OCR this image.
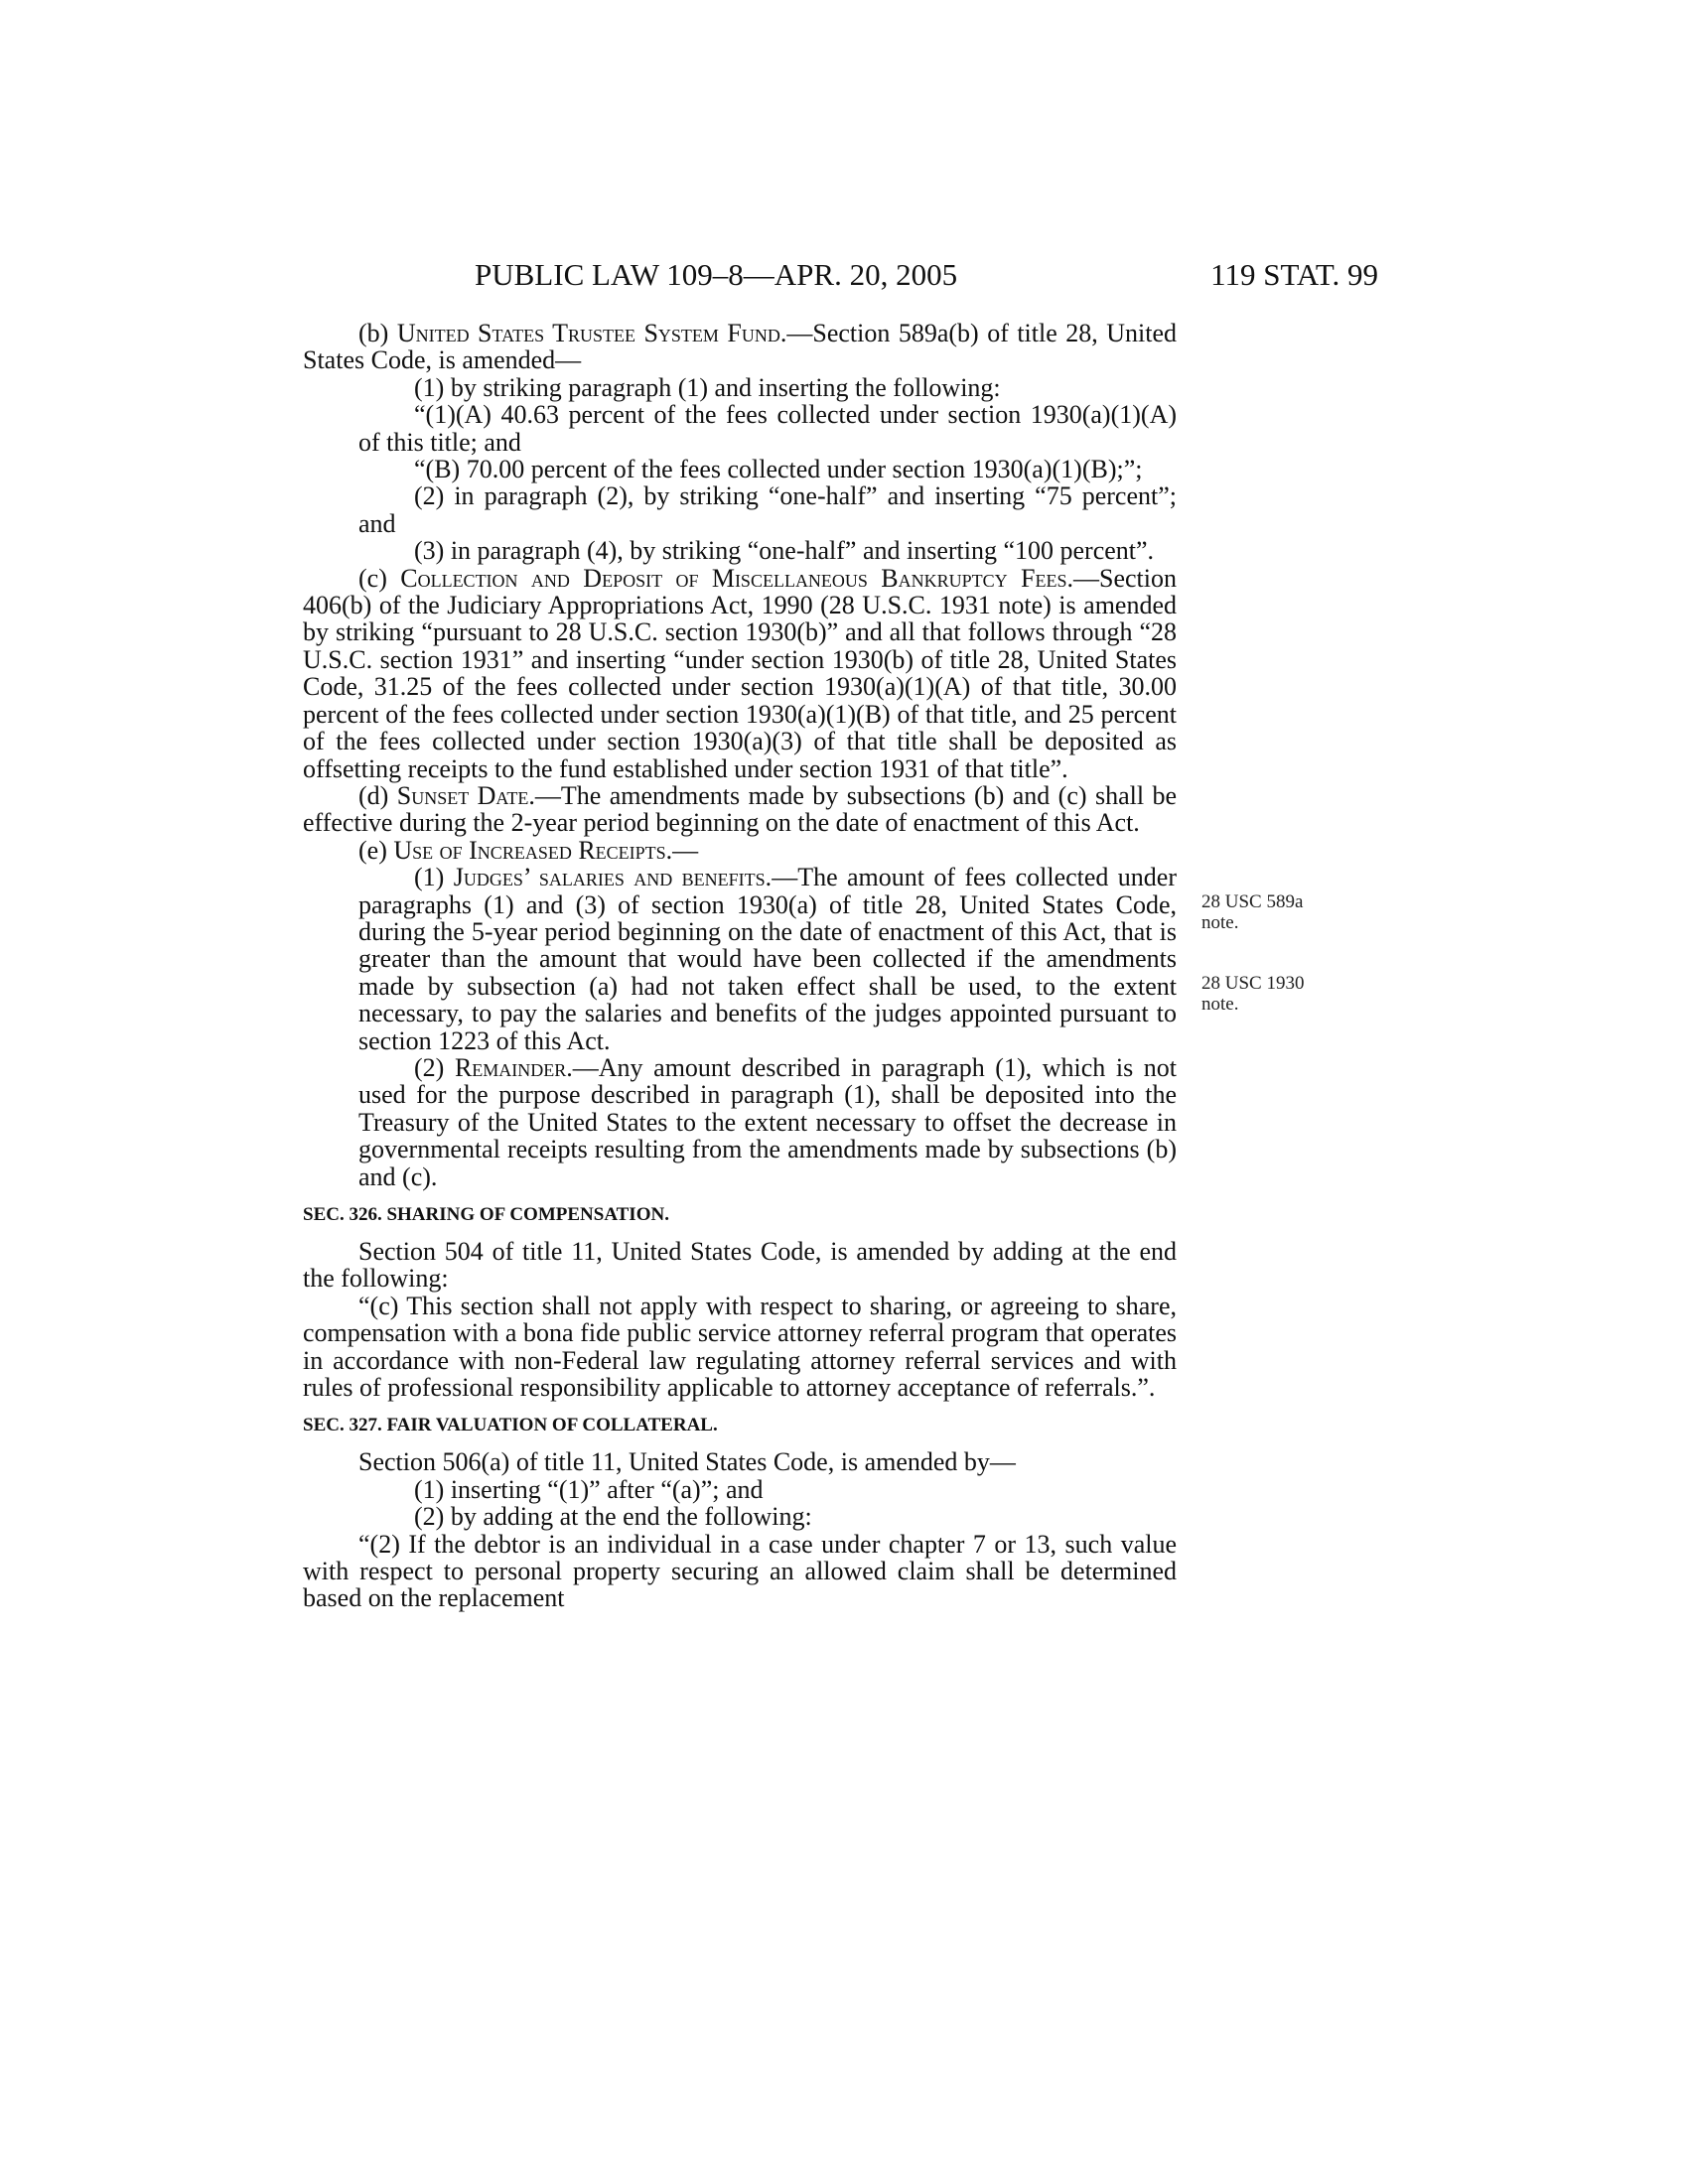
PUBLIC LAW 109–8—APR. 20, 2005	119 STAT. 99
28 USC 589a note.
28 USC 1930 note.

(b) United States Trustee System Fund.—Section 589a(b) of title 28, United States Code, is amended—

(1) by striking paragraph (1) and inserting the following:

“(1)(A) 40.63 percent of the fees collected under section 1930(a)(1)(A) of this title; and

“(B) 70.00 percent of the fees collected under section 1930(a)(1)(B);”;

(2) in paragraph (2), by striking “one-half” and inserting “75 percent”; and

(3) in paragraph (4), by striking “one-half” and inserting “100 percent”.

(c) Collection and Deposit of Miscellaneous Bankruptcy Fees.—Section 406(b) of the Judiciary Appropriations Act, 1990 (28 U.S.C. 1931 note) is amended by striking “pursuant to 28 U.S.C. section 1930(b)” and all that follows through “28 U.S.C. section 1931” and inserting “under section 1930(b) of title 28, United States Code, 31.25 of the fees collected under section 1930(a)(1)(A) of that title, 30.00 percent of the fees collected under section 1930(a)(1)(B) of that title, and 25 percent of the fees collected under section 1930(a)(3) of that title shall be deposited as offsetting receipts to the fund established under section 1931 of that title”.

(d) Sunset Date.—The amendments made by subsections (b) and (c) shall be effective during the 2-year period beginning on the date of enactment of this Act.

(e) Use of Increased Receipts.—

(1) Judges’ salaries and benefits.—The amount of fees collected under paragraphs (1) and (3) of section 1930(a) of title 28, United States Code, during the 5-year period beginning on the date of enactment of this Act, that is greater than the amount that would have been collected if the amendments made by subsection (a) had not taken effect shall be used, to the extent necessary, to pay the salaries and benefits of the judges appointed pursuant to section 1223 of this Act.

(2) Remainder.—Any amount described in paragraph (1), which is not used for the purpose described in paragraph (1), shall be deposited into the Treasury of the United States to the extent necessary to offset the decrease in governmental receipts resulting from the amendments made by subsections (b) and (c).

SEC. 326. SHARING OF COMPENSATION.

Section 504 of title 11, United States Code, is amended by adding at the end the following:

“(c) This section shall not apply with respect to sharing, or agreeing to share, compensation with a bona fide public service attorney referral program that operates in accordance with non-Federal law regulating attorney referral services and with rules of professional responsibility applicable to attorney acceptance of referrals.”.

SEC. 327. FAIR VALUATION OF COLLATERAL.

Section 506(a) of title 11, United States Code, is amended by—

(1) inserting “(1)” after “(a)”; and

(2) by adding at the end the following:

“(2) If the debtor is an individual in a case under chapter 7 or 13, such value with respect to personal property securing an allowed claim shall be determined based on the replacement
